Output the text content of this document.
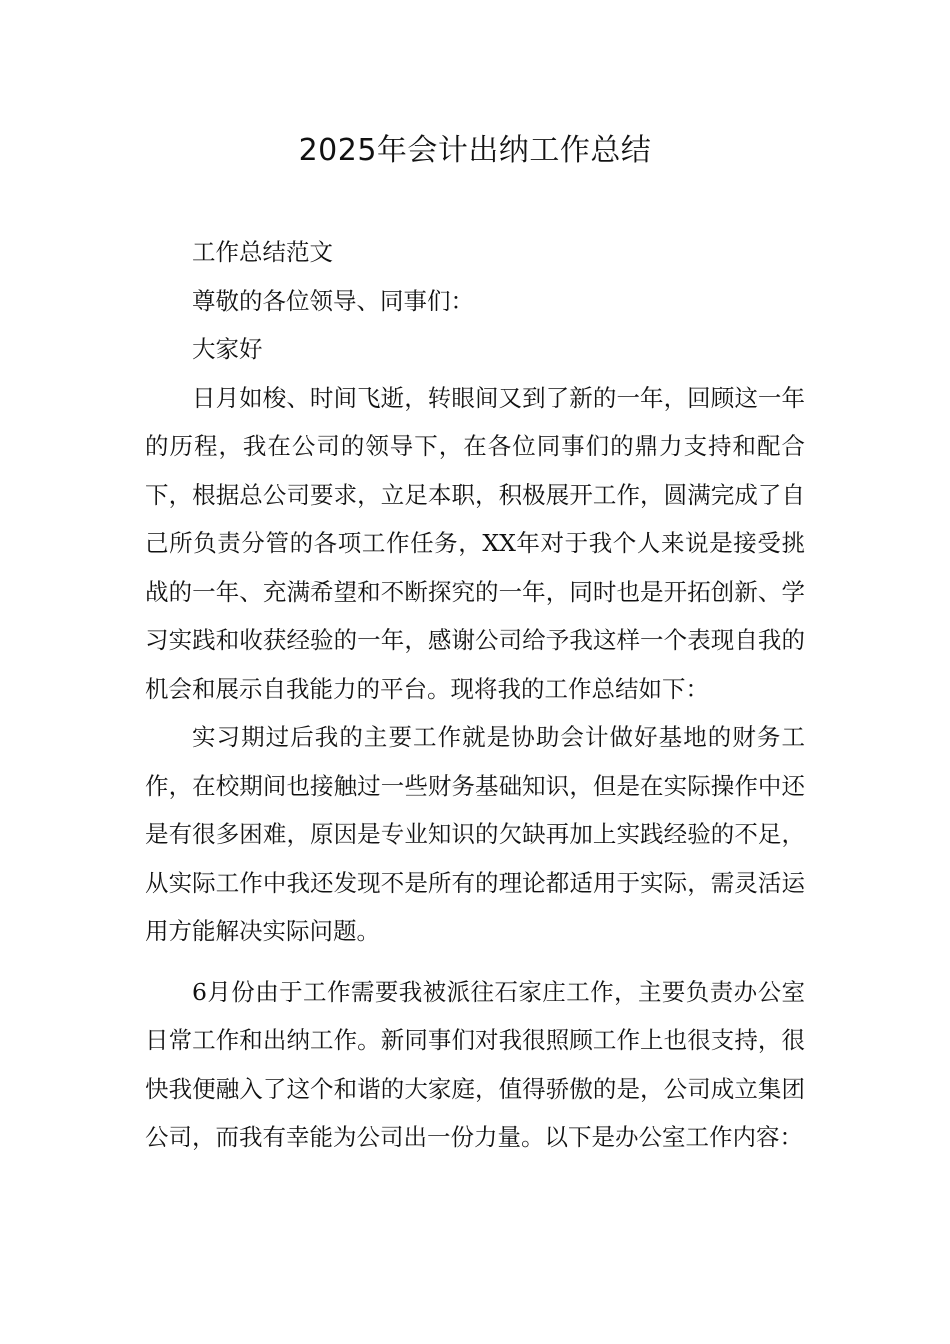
2025年会计出纳工作总结

工作总结范文

尊敬的各位领导、同事们：

大家好

日月如梭、时间飞逝，转眼间又到了新的一年，回顾这一年的历程，我在公司的领导下，在各位同事们的鼎力支持和配合下，根据总公司要求，立足本职，积极展开工作，圆满完成了自己所负责分管的各项工作任务，XX年对于我个人来说是接受挑战的一年、充满希望和不断探究的一年，同时也是开拓创新、学习实践和收获经验的一年，感谢公司给予我这样一个表现自我的机会和展示自我能力的平台。现将我的工作总结如下：

实习期过后我的主要工作就是协助会计做好基地的财务工作，在校期间也接触过一些财务基础知识，但是在实际操作中还是有很多困难，原因是专业知识的欠缺再加上实践经验的不足，从实际工作中我还发现不是所有的理论都适用于实际，需灵活运用方能解决实际问题。

6月份由于工作需要我被派往石家庄工作，主要负责办公室日常工作和出纳工作。新同事们对我很照顾工作上也很支持，很快我便融入了这个和谐的大家庭，值得骄傲的是，公司成立集团公司，而我有幸能为公司出一份力量。以下是办公室工作内容：
